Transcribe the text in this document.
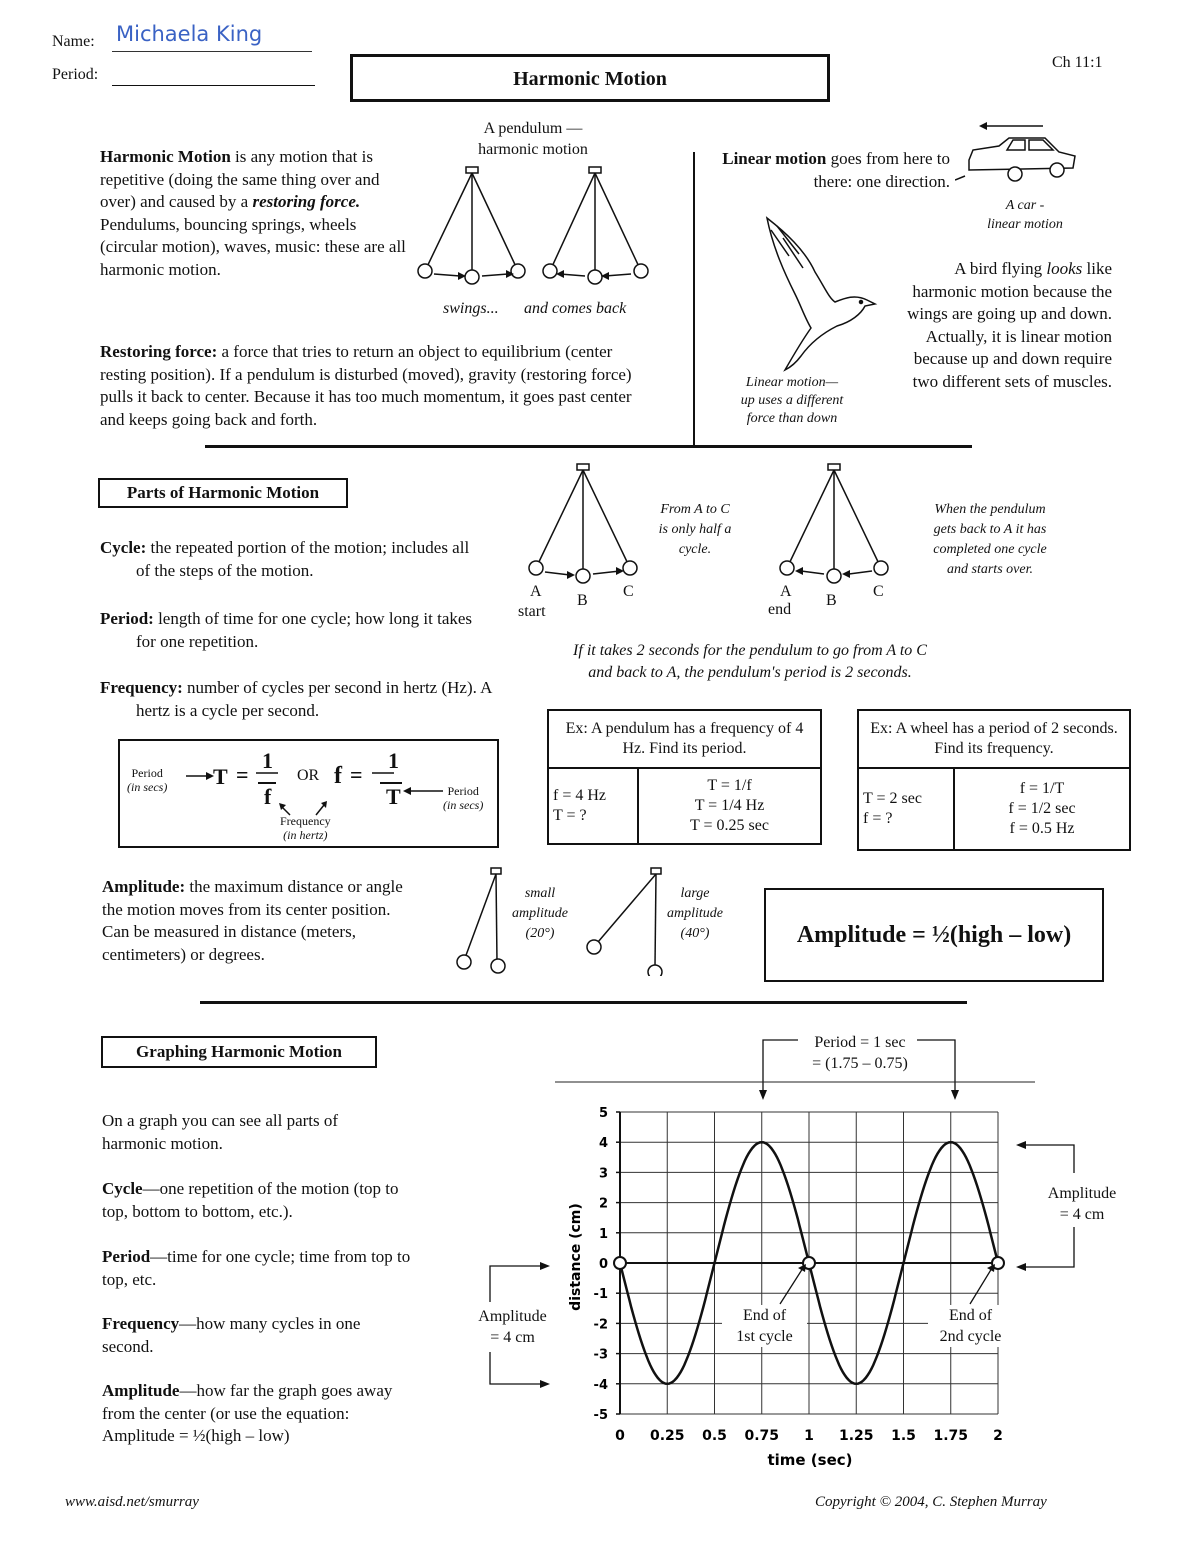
Name: Michaela King
Period:	Harmonic Motion
Ch 11:1
Harmonic Motion is any motion that is repetitive (doing the same thing over and over) and caused by a restoring force. Pendulums, bouncing springs, wheels (circular motion), waves, music: these are all harmonic motion.
A pendulum —
harmonic motion
swings... and comes back
Restoring force: a force that tries to return an object to equilibrium (center resting position). If a pendulum is disturbed (moved), gravity (restoring force) pulls it back to center. Because it has too much momentum, it goes past center and keeps going back and forth.
Linear motion goes from here to there: one direction.
A car -
linear motion
Linear motion—
up uses a different
force than down
A bird flying looks like harmonic motion because the wings are going up and down. Actually, it is linear motion because up and down require two different sets of muscles.
Parts of Harmonic Motion
Cycle: the repeated portion of the motion; includes all of the steps of the motion.
Period: length of time for one cycle; how long it takes for one repetition.
Frequency: number of cycles per second in hertz (Hz). A hertz is a cycle per second.
A
B
C
start
From A to C
is only half a
cycle.
A
B
C
end
When the pendulum
gets back to A it has
completed one cycle
and starts over.
If it takes 2 seconds for the pendulum to go from A to C
and back to A, the pendulum's period is 2 seconds.
Period
(in secs) T =
1
f
OR f =
1
T
Frequency
(in hertz)
Period
(in secs)
Ex: A pendulum has a frequency of 4 Hz. Find its period.

f = 4 Hz
T = ?

T = 1/f
T = 1/4 Hz
T = 0.25 sec
Ex: A wheel has a period of 2 seconds. Find its frequency.

T = 2 sec
f = ?

f = 1/T
f = 1/2 sec
f = 0.5 Hz
Amplitude: the maximum distance or angle the motion moves from its center position. Can be measured in distance (meters, centimeters) or degrees.
small
amplitude
(20°)
large
amplitude
(40°)	Amplitude = ½(high – low)
Graphing Harmonic Motion
On a graph you can see all parts of harmonic motion.
Cycle—one repetition of the motion (top to top, bottom to bottom, etc.).
Period—time for one cycle; time from top to top, etc.
Frequency—how many cycles in one second.
Amplitude—how far the graph goes away from the center (or use the equation: Amplitude = ½(high – low)	0 0.25 0.5 0.75 1 1.25 1.5 1.75 2
5
4
3
2
1
0
-1
-2
-3
-4
-5
time (sec)
distance (cm)
Period = 1 sec
= (1.75 – 0.75)
Amplitude
= 4 cm
Amplitude
= 4 cm
End of
1st cycle
End of
2nd cycle
www.aisd.net/smurray	Copyright © 2004, C. Stephen Murray
